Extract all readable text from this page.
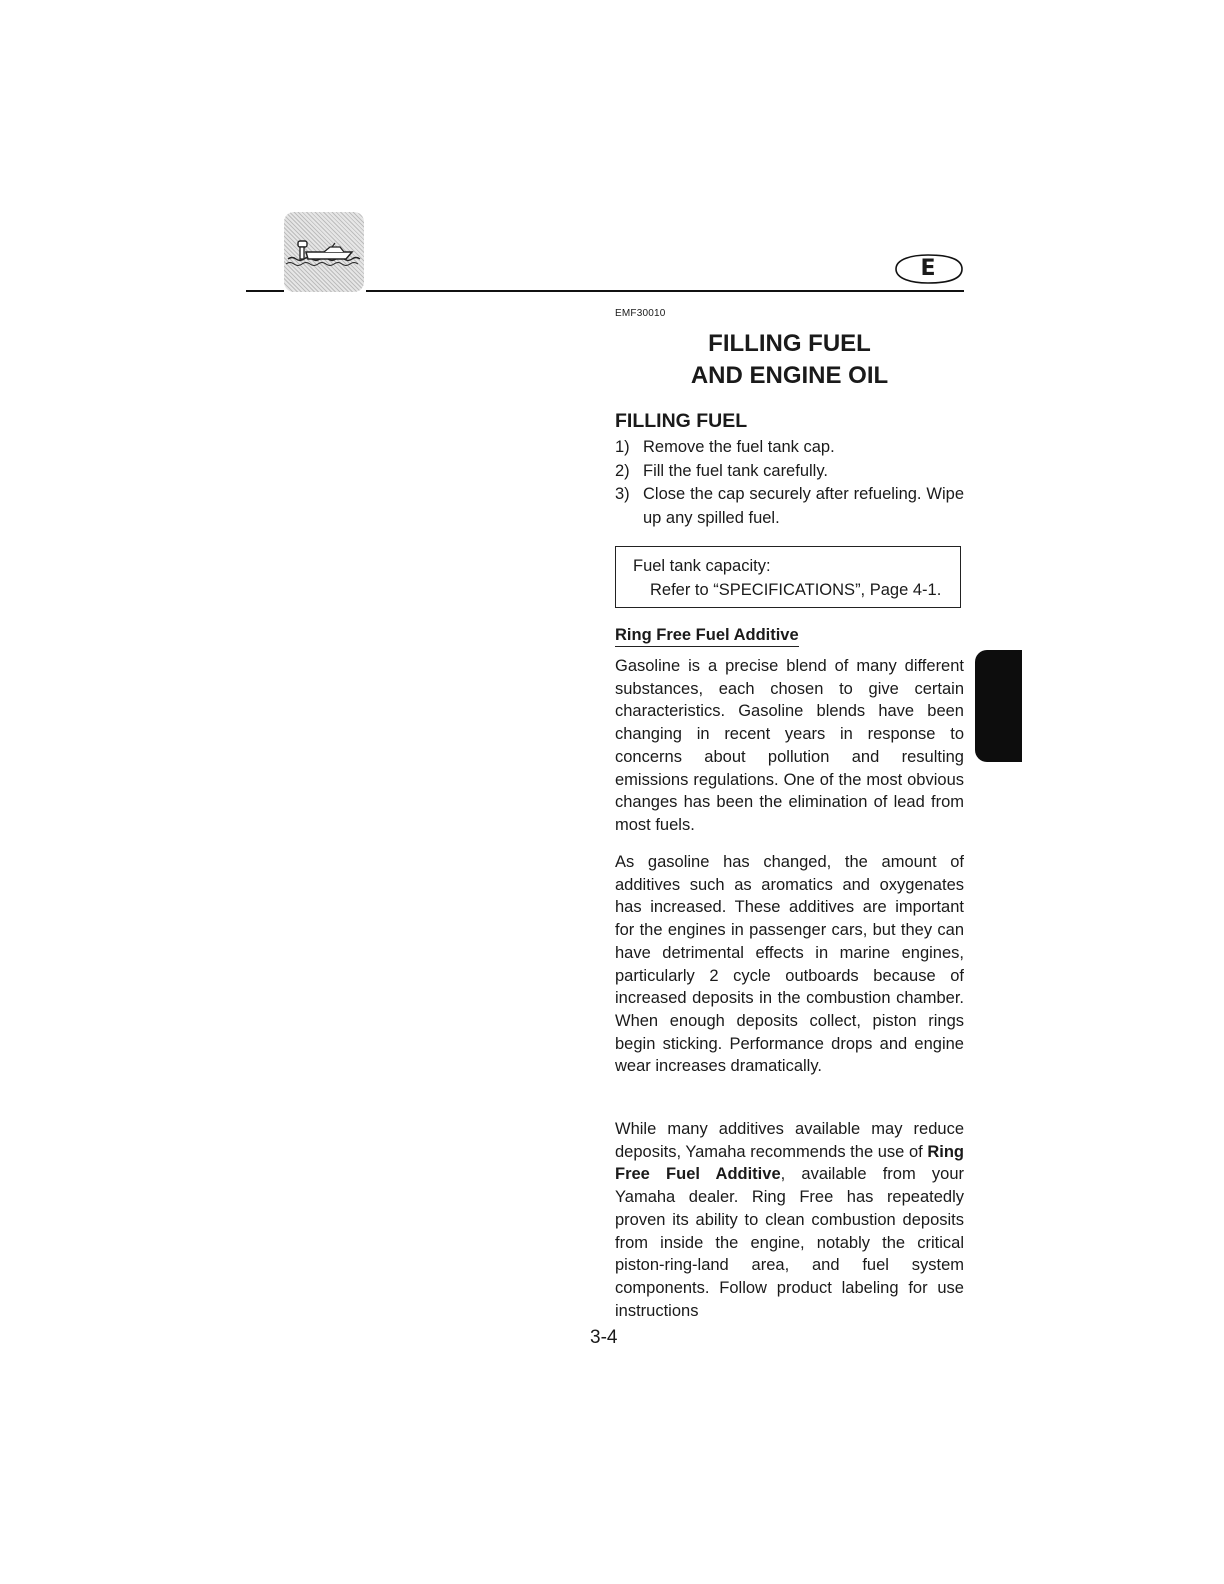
E
EMF30010
FILLING FUEL
AND ENGINE OIL
FILLING FUEL
1) Remove the fuel tank cap.
2) Fill the fuel tank carefully.
3) Close the cap securely after refueling. Wipe up any spilled fuel.
Fuel tank capacity:
Refer to “SPECIFICATIONS”, Page 4-1.
Ring Free Fuel Additive

Gasoline is a precise blend of many different substances, each chosen to give certain characteristics. Gasoline blends have been changing in recent years in response to concerns about pollution and resulting emissions regulations. One of the most obvious changes has been the elimination of lead from most fuels.

As gasoline has changed, the amount of additives such as aromatics and oxygenates has increased. These additives are important for the engines in passenger cars, but they can have detrimental effects in marine engines, particularly 2 cycle outboards because of increased deposits in the combustion chamber. When enough deposits collect, piston rings begin sticking. Performance drops and engine wear increases dramatically.

While many additives available may reduce deposits, Yamaha recommends the use of Ring Free Fuel Additive, available from your Yamaha dealer. Ring Free has repeatedly proven its ability to clean combustion deposits from inside the engine, notably the critical piston-ring-land area, and fuel system components. Follow product labeling for use instructions

3-4
